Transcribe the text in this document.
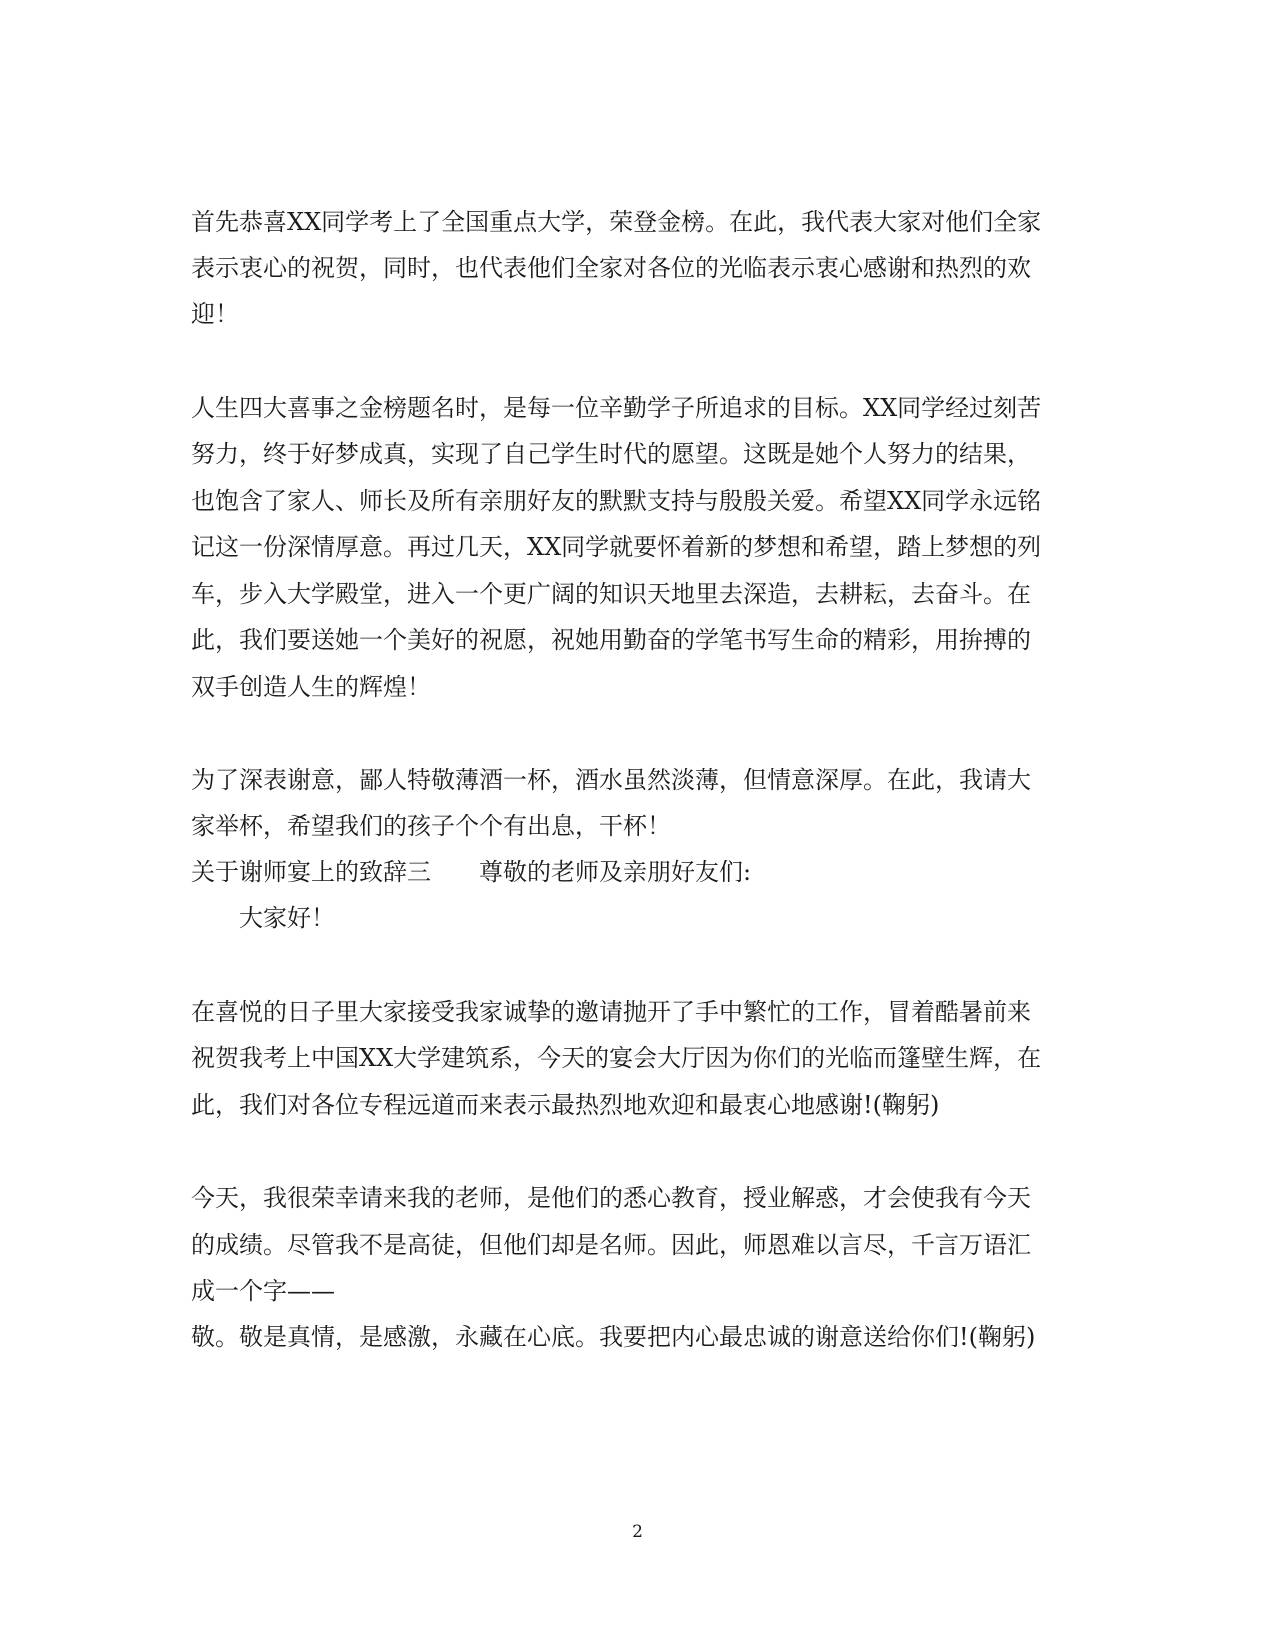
首先恭喜XX同学考上了全国重点大学，荣登金榜。在此，我代表大家对他们全家
表示衷心的祝贺，同时，也代表他们全家对各位的光临表示衷心感谢和热烈的欢
迎！
人生四大喜事之金榜题名时，是每一位辛勤学子所追求的目标。XX同学经过刻苦
努力，终于好梦成真，实现了自己学生时代的愿望。这既是她个人努力的结果，
也饱含了家人、师长及所有亲朋好友的默默支持与殷殷关爱。希望XX同学永远铭
记这一份深情厚意。再过几天，XX同学就要怀着新的梦想和希望，踏上梦想的列
车，步入大学殿堂，进入一个更广阔的知识天地里去深造，去耕耘，去奋斗。在
此，我们要送她一个美好的祝愿，祝她用勤奋的学笔书写生命的精彩，用拚搏的
双手创造人生的辉煌！
为了深表谢意，鄙人特敬薄酒一杯，酒水虽然淡薄，但情意深厚。在此，我请大
家举杯，希望我们的孩子个个有出息，干杯！
关于谢师宴上的致辞三　　尊敬的老师及亲朋好友们:
　　大家好！
在喜悦的日子里大家接受我家诚挚的邀请抛开了手中繁忙的工作，冒着酷暑前来
祝贺我考上中国XX大学建筑系，今天的宴会大厅因为你们的光临而篷壁生辉，在
此，我们对各位专程远道而来表示最热烈地欢迎和最衷心地感谢!(鞠躬)
今天，我很荣幸请来我的老师，是他们的悉心教育，授业解惑，才会使我有今天
的成绩。尽管我不是高徒，但他们却是名师。因此，师恩难以言尽，千言万语汇
成一个字——
敬。敬是真情，是感激，永藏在心底。我要把内心最忠诚的谢意送给你们!(鞠躬)
2
